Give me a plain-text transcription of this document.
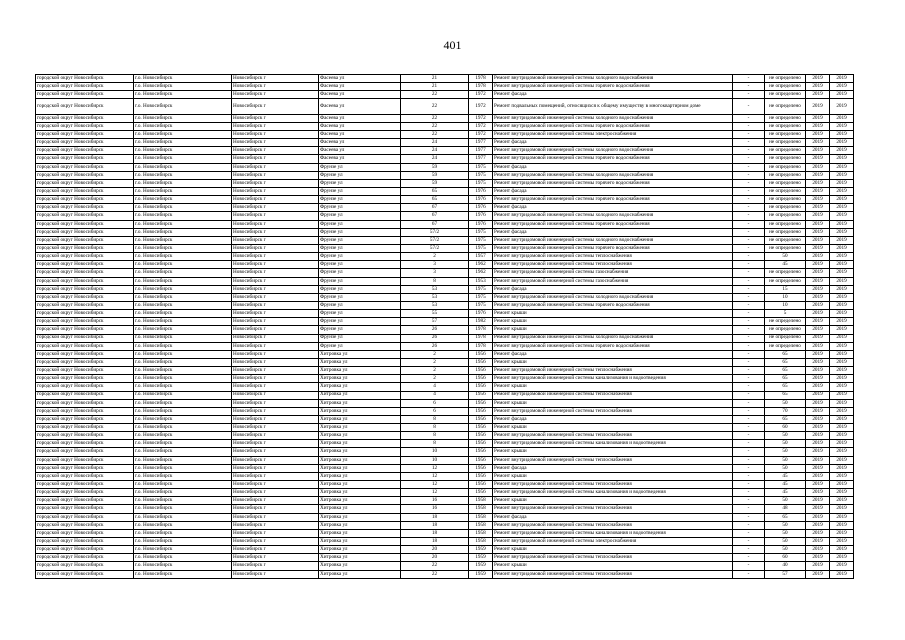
401
городской округ Новосибирск	г.о. Новосибирск	Новосибирск г	Фасеева ул	21	1978	Ремонт внутридомовой инженерной системы холодного водоснабжения	-	не определено	2019	2019
городской округ Новосибирск	г.о. Новосибирск	Новосибирск г	Фасеева ул	21	1978	Ремонт внутридомовой инженерной системы горячего водоснабжения	-	не определено	2019	2019
городской округ Новосибирск	г.о. Новосибирск	Новосибирск г	Фасеева ул	22	1972	Ремонт фасада	-	не определено	2019	2019
городской округ Новосибирск	г.о. Новосибирск	Новосибирск г	Фасеева ул	22	1972	Ремонт подвальных помещений, относящихся к общему имуществу в многоквартирном доме	-	не определено	2019	2019
городской округ Новосибирск	г.о. Новосибирск	Новосибирск г	Фасеева ул	22	1972	Ремонт внутридомовой инженерной системы холодного водоснабжения	-	не определено	2019	2019
городской округ Новосибирск	г.о. Новосибирск	Новосибирск г	Фасеева ул	22	1972	Ремонт внутридомовой инженерной системы горячего водоснабжения	-	не определено	2019	2019
городской округ Новосибирск	г.о. Новосибирск	Новосибирск г	Фасеева ул	22	1972	Ремонт внутридомовой инженерной системы электроснабжения	-	не определено	2019	2019
городской округ Новосибирск	г.о. Новосибирск	Новосибирск г	Фасеева ул	24	1977	Ремонт фасада	-	не определено	2019	2019
городской округ Новосибирск	г.о. Новосибирск	Новосибирск г	Фасеева ул	24	1977	Ремонт внутридомовой инженерной системы холодного водоснабжения	-	не определено	2019	2019
городской округ Новосибирск	г.о. Новосибирск	Новосибирск г	Фасеева ул	24	1977	Ремонт внутридомовой инженерной системы горячего водоснабжения	-	не определено	2019	2019
городской округ Новосибирск	г.о. Новосибирск	Новосибирск г	Фрунзе ул	59	1975	Ремонт фасада	-	не определено	2019	2019
городской округ Новосибирск	г.о. Новосибирск	Новосибирск г	Фрунзе ул	59	1975	Ремонт внутридомовой инженерной системы холодного водоснабжения	-	не определено	2019	2019
городской округ Новосибирск	г.о. Новосибирск	Новосибирск г	Фрунзе ул	59	1975	Ремонт внутридомовой инженерной системы горячего водоснабжения	-	не определено	2019	2019
городской округ Новосибирск	г.о. Новосибирск	Новосибирск г	Фрунзе ул	65	1976	Ремонт фасада	-	не определено	2019	2019
городской округ Новосибирск	г.о. Новосибирск	Новосибирск г	Фрунзе ул	65	1976	Ремонт внутридомовой инженерной системы горячего водоснабжения	-	не определено	2019	2019
городской округ Новосибирск	г.о. Новосибирск	Новосибирск г	Фрунзе ул	67	1976	Ремонт фасада	-	не определено	2019	2019
городской округ Новосибирск	г.о. Новосибирск	Новосибирск г	Фрунзе ул	67	1976	Ремонт внутридомовой инженерной системы холодного водоснабжения	-	не определено	2019	2019
городской округ Новосибирск	г.о. Новосибирск	Новосибирск г	Фрунзе ул	67	1976	Ремонт внутридомовой инженерной системы горячего водоснабжения	-	не определено	2019	2019
городской округ Новосибирск	г.о. Новосибирск	Новосибирск г	Фрунзе ул	57/2	1975	Ремонт фасада	-	не определено	2019	2019
городской округ Новосибирск	г.о. Новосибирск	Новосибирск г	Фрунзе ул	57/2	1975	Ремонт внутридомовой инженерной системы холодного водоснабжения	-	не определено	2019	2019
городской округ Новосибирск	г.о. Новосибирск	Новосибирск г	Фрунзе ул	57/2	1975	Ремонт внутридомовой инженерной системы горячего водоснабжения	-	не определено	2019	2019
городской округ Новосибирск	г.о. Новосибирск	Новосибирск г	Фрунзе ул	2	1957	Ремонт внутридомовой инженерной системы теплоснабжения	-	50	2019	2019
городской округ Новосибирск	г.о. Новосибирск	Новосибирск г	Фрунзе ул	3	1962	Ремонт внутридомовой инженерной системы теплоснабжения	-	45	2019	2019
городской округ Новосибирск	г.о. Новосибирск	Новосибирск г	Фрунзе ул	3	1962	Ремонт внутридомовой инженерной системы газоснабжения	-	не определено	2019	2019
городской округ Новосибирск	г.о. Новосибирск	Новосибирск г	Фрунзе ул	8	1953	Ремонт внутридомовой инженерной системы газоснабжения	-	не определено	2019	2019
городской округ Новосибирск	г.о. Новосибирск	Новосибирск г	Фрунзе ул	53	1975	Ремонт фасада	-	15	2019	2019
городской округ Новосибирск	г.о. Новосибирск	Новосибирск г	Фрунзе ул	53	1975	Ремонт внутридомовой инженерной системы холодного водоснабжения	-	10	2019	2019
городской округ Новосибирск	г.о. Новосибирск	Новосибирск г	Фрунзе ул	53	1975	Ремонт внутридомовой инженерной системы горячего водоснабжения	-	10	2019	2019
городской округ Новосибирск	г.о. Новосибирск	Новосибирск г	Фрунзе ул	55	1976	Ремонт крыши	-	5	2019	2019
городской округ Новосибирск	г.о. Новосибирск	Новосибирск г	Фрунзе ул	57	1982	Ремонт крыши	-	не определено	2019	2019
городской округ Новосибирск	г.о. Новосибирск	Новосибирск г	Фрунзе ул	26	1978	Ремонт крыши	-	не определено	2019	2019
городской округ Новосибирск	г.о. Новосибирск	Новосибирск г	Фрунзе ул	26	1978	Ремонт внутридомовой инженерной системы холодного водоснабжения	-	не определено	2019	2019
городской округ Новосибирск	г.о. Новосибирск	Новосибирск г	Фрунзе ул	26	1978	Ремонт внутридомовой инженерной системы горячего водоснабжения	-	не определено	2019	2019
городской округ Новосибирск	г.о. Новосибирск	Новосибирск г	Хитровка ул	2	1956	Ремонт фасада	-	65	2019	2019
городской округ Новосибирск	г.о. Новосибирск	Новосибирск г	Хитровка ул	2	1956	Ремонт крыши	-	65	2019	2019
городской округ Новосибирск	г.о. Новосибирск	Новосибирск г	Хитровка ул	2	1956	Ремонт внутридомовой инженерной системы теплоснабжения	-	65	2019	2019
городской округ Новосибирск	г.о. Новосибирск	Новосибирск г	Хитровка ул	2	1956	Ремонт внутридомовой инженерной системы канализования и водоотведения	-	65	2019	2019
городской округ Новосибирск	г.о. Новосибирск	Новосибирск г	Хитровка ул	4	1956	Ремонт крыши	-	65	2019	2019
городской округ Новосибирск	г.о. Новосибирск	Новосибирск г	Хитровка ул	4	1956	Ремонт внутридомовой инженерной системы теплоснабжения	-	65	2019	2019
городской округ Новосибирск	г.о. Новосибирск	Новосибирск г	Хитровка ул	6	1956	Ремонт крыши	-	50	2019	2019
городской округ Новосибирск	г.о. Новосибирск	Новосибирск г	Хитровка ул	6	1956	Ремонт внутридомовой инженерной системы теплоснабжения	-	70	2019	2019
городской округ Новосибирск	г.о. Новосибирск	Новосибирск г	Хитровка ул	8	1956	Ремонт фасада	-	65	2019	2019
городской округ Новосибирск	г.о. Новосибирск	Новосибирск г	Хитровка ул	8	1956	Ремонт крыши	-	60	2019	2019
городской округ Новосибирск	г.о. Новосибирск	Новосибирск г	Хитровка ул	8	1956	Ремонт внутридомовой инженерной системы теплоснабжения	-	50	2019	2019
городской округ Новосибирск	г.о. Новосибирск	Новосибирск г	Хитровка ул	8	1956	Ремонт внутридомовой инженерной системы канализования и водоотведения	-	50	2019	2019
городской округ Новосибирск	г.о. Новосибирск	Новосибирск г	Хитровка ул	10	1956	Ремонт крыши	-	50	2019	2019
городской округ Новосибирск	г.о. Новосибирск	Новосибирск г	Хитровка ул	10	1956	Ремонт внутридомовой инженерной системы теплоснабжения	-	50	2019	2019
городской округ Новосибирск	г.о. Новосибирск	Новосибирск г	Хитровка ул	12	1956	Ремонт фасада	-	50	2019	2019
городской округ Новосибирск	г.о. Новосибирск	Новосибирск г	Хитровка ул	12	1956	Ремонт крыши	-	45	2019	2019
городской округ Новосибирск	г.о. Новосибирск	Новосибирск г	Хитровка ул	12	1956	Ремонт внутридомовой инженерной системы теплоснабжения	-	45	2019	2019
городской округ Новосибирск	г.о. Новосибирск	Новосибирск г	Хитровка ул	12	1956	Ремонт внутридомовой инженерной системы канализования и водоотведения	-	45	2019	2019
городской округ Новосибирск	г.о. Новосибирск	Новосибирск г	Хитровка ул	16	1958	Ремонт крыши	-	50	2019	2019
городской округ Новосибирск	г.о. Новосибирск	Новосибирск г	Хитровка ул	16	1958	Ремонт внутридомовой инженерной системы теплоснабжения	-	48	2019	2019
городской округ Новосибирск	г.о. Новосибирск	Новосибирск г	Хитровка ул	18	1958	Ремонт фасада	-	65	2019	2019
городской округ Новосибирск	г.о. Новосибирск	Новосибирск г	Хитровка ул	18	1958	Ремонт внутридомовой инженерной системы теплоснабжения	-	50	2019	2019
городской округ Новосибирск	г.о. Новосибирск	Новосибирск г	Хитровка ул	18	1958	Ремонт внутридомовой инженерной системы канализования и водоотведения	-	50	2019	2019
городской округ Новосибирск	г.о. Новосибирск	Новосибирск г	Хитровка ул	18	1958	Ремонт внутридомовой инженерной системы электроснабжения	-	50	2019	2019
городской округ Новосибирск	г.о. Новосибирск	Новосибирск г	Хитровка ул	20	1959	Ремонт крыши	-	50	2019	2019
городской округ Новосибирск	г.о. Новосибирск	Новосибирск г	Хитровка ул	20	1959	Ремонт внутридомовой инженерной системы теплоснабжения	-	60	2019	2019
городской округ Новосибирск	г.о. Новосибирск	Новосибирск г	Хитровка ул	22	1959	Ремонт крыши	-	40	2019	2019
городской округ Новосибирск	г.о. Новосибирск	Новосибирск г	Хитровка ул	22	1959	Ремонт внутридомовой инженерной системы теплоснабжения	-	57	2019	2019
